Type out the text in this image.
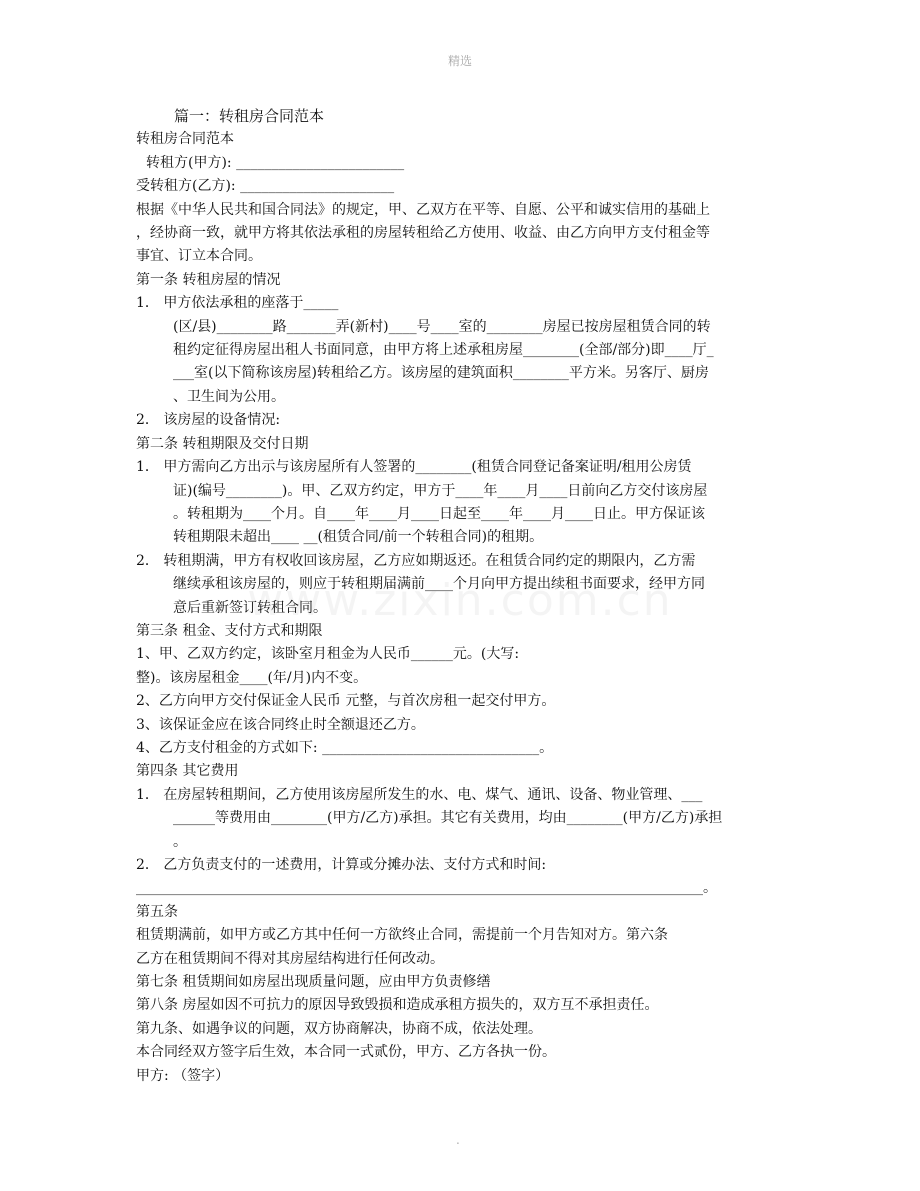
精选
篇一：转租房合同范本
转租房合同范本
转租方(甲方): ________________________
受转租方(乙方): ______________________
根据《中华人民共和国合同法》的规定，甲、乙双方在平等、自愿、公平和诚实信用的基础上
，经协商一致，就甲方将其依法承租的房屋转租给乙方使用、收益、由乙方向甲方支付租金等
事宜、订立本合同。
第一条 转租房屋的情况
1． 甲方依法承租的座落于_____
(区/县)________路_______弄(新村)____号____室的________房屋已按房屋租赁合同的转
租约定征得房屋出租人书面同意，由甲方将上述承租房屋________(全部/部分)即____厅_
___室(以下简称该房屋)转租给乙方。该房屋的建筑面积________平方米。另客厅、厨房
、卫生间为公用。
2． 该房屋的设备情况:
第二条 转租期限及交付日期
1． 甲方需向乙方出示与该房屋所有人签署的________(租赁合同登记备案证明/租用公房赁
证)(编号________)。甲、乙双方约定，甲方于____年____月____日前向乙方交付该房屋
。转租期为____个月。自____年____月____日起至____年____月____日止。甲方保证该
转租期限未超出____ __(租赁合同/前一个转租合同)的租期。
2． 转租期满，甲方有权收回该房屋，乙方应如期返还。在租赁合同约定的期限内，乙方需
继续承租该房屋的，则应于转租期届满前____个月向甲方提出续租书面要求，经甲方同
意后重新签订转租合同。
第三条 租金、支付方式和期限
1、甲、乙双方约定，该卧室月租金为人民币______元。(大写:
整)。该房屋租金____(年/月)内不变。
2、乙方向甲方交付保证金人民币 元整，与首次房租一起交付甲方。
3、该保证金应在该合同终止时全额退还乙方。
4、乙方支付租金的方式如下: _______________________________。
第四条 其它费用
1． 在房屋转租期间，乙方使用该房屋所发生的水、电、煤气、通讯、设备、物业管理、___
______等费用由________(甲方/乙方)承担。其它有关费用，均由________(甲方/乙方)承担
。
2． 乙方负责支付的一述费用，计算或分摊办法、支付方式和时间:
_________________________________________________________________________________。
第五条
租赁期满前，如甲方或乙方其中任何一方欲终止合同，需提前一个月告知对方。第六条
乙方在租赁期间不得对其房屋结构进行任何改动。
第七条 租赁期间如房屋出现质量问题，应由甲方负责修缮
第八条 房屋如因不可抗力的原因导致毁损和造成承租方损失的，双方互不承担责任。
第九条、如遇争议的问题，双方协商解决，协商不成，依法处理。
本合同经双方签字后生效，本合同一式贰份，甲方、乙方各执一份。
甲方: （签字）
.
